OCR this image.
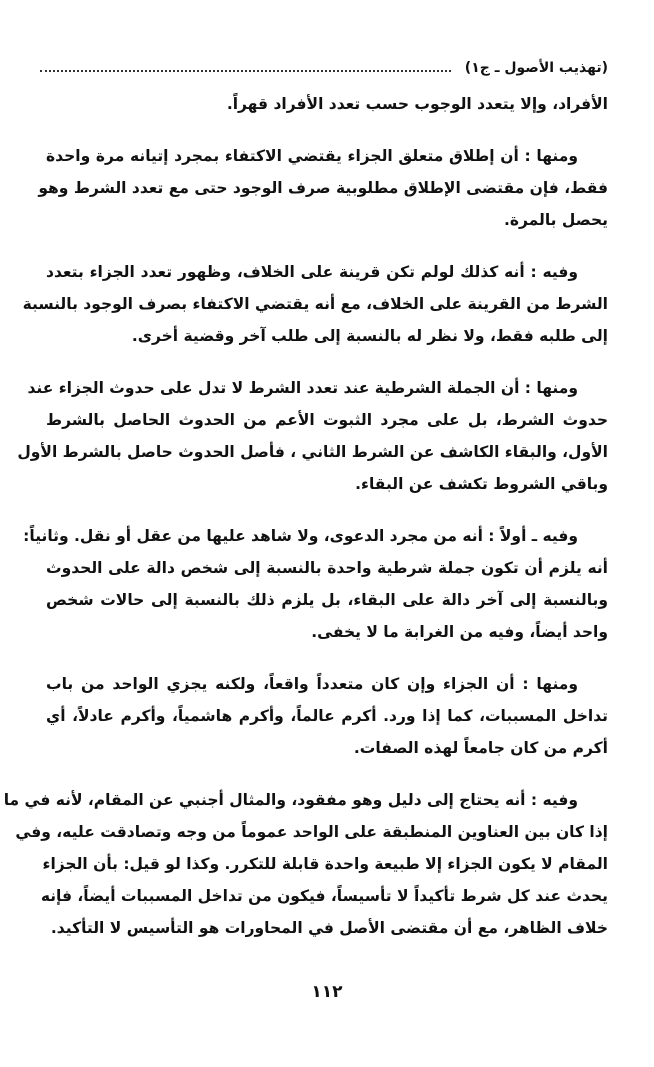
(تهذيب الأصول ـ ج١)
الأفراد، وإلا يتعدد الوجوب حسب تعدد الأفراد قهراً.
ومنها : أن إطلاق متعلق الجزاء يقتضي الاكتفاء بمجرد إتيانه مرة واحدة
فقط، فإن مقتضى الإطلاق مطلوبية صرف الوجود حتى مع تعدد الشرط وهو
يحصل بالمرة.
وفيه : أنه كذلك لولم تكن قرينة على الخلاف، وظهور تعدد الجزاء بتعدد
الشرط من القرينة على الخلاف، مع أنه يقتضي الاكتفاء بصرف الوجود بالنسبة
إلى طلبه فقط، ولا نظر له بالنسبة إلى طلب آخر وقضية أخرى.
ومنها : أن الجملة الشرطية عند تعدد الشرط لا تدل على حدوث الجزاء عند
حدوث الشرط، بل على مجرد الثبوت الأعم من الحدوث الحاصل بالشرط
الأول، والبقاء الكاشف عن الشرط الثاني ، فأصل الحدوث حاصل بالشرط الأول
وباقي الشروط تكشف عن البقاء.
وفيه ـ أولاً : أنه من مجرد الدعوى، ولا شاهد عليها من عقل أو نقل. وثانياً:
أنه يلزم أن تكون جملة شرطية واحدة بالنسبة إلى شخص دالة على الحدوث
وبالنسبة إلى آخر دالة على البقاء، بل يلزم ذلك بالنسبة إلى حالات شخص
واحد أيضاً، وفيه من الغرابة ما لا يخفى.
ومنها : أن الجزاء وإن كان متعدداً واقعاً، ولكنه يجزي الواحد من باب
تداخل المسببات، كما إذا ورد. أكرم عالماً، وأكرم هاشمياً، وأكرم عادلاً، أي
أكرم من كان جامعاً لهذه الصفات.
وفيه : أنه يحتاج إلى دليل وهو مفقود، والمثال أجنبي عن المقام، لأنه في ما
إذا كان بين العناوين المنطبقة على الواحد عموماً من وجه وتصادقت عليه، وفي
المقام لا يكون الجزاء إلا طبيعة واحدة قابلة للتكرر. وكذا لو قيل: بأن الجزاء
يحدث عند كل شرط تأكيداً لا تأسيساً، فيكون من تداخل المسببات أيضاً، فإنه
خلاف الظاهر، مع أن مقتضى الأصل في المحاورات هو التأسيس لا التأكيد.
١١٢
